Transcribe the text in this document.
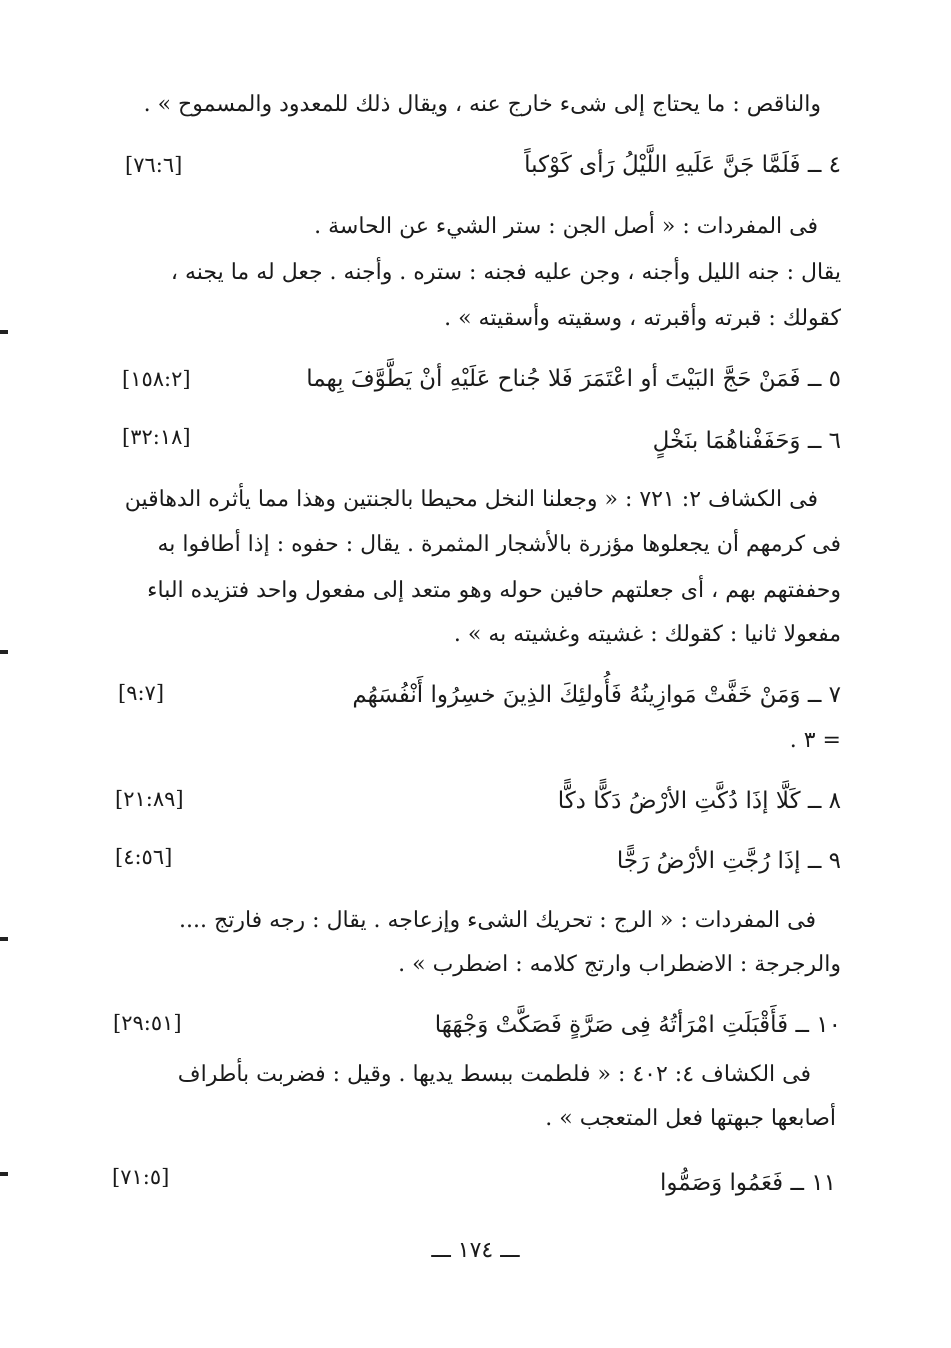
والناقص : ما يحتاج إلى شىء خارج عنه ، ويقال ذلك للمعدود والمسموح » .
٤ ــ فَلَمَّا جَنَّ عَلَيهِ اللَّيْلُ رَأى كَوْكباً
[٧٦:٦]
فى المفردات : « أصل الجن : ستر الشيء عن الحاسة .
يقال : جنه الليل وأجنه ، وجن عليه فجنه : ستره . وأجنه . جعل له ما يجنه ،
كقولك : قبرته وأقبرته ، وسقيته وأسقيته » .
٥ ــ فَمَنْ حَجَّ البَيْتَ أو اعْتَمَرَ فَلا جُناح عَلَيْهِ أنْ يَطَّوَّفَ بِهما
[١٥٨:٢]
٦ ــ وَحَفَفْناهُمَا بنَخْلٍ
[٣٢:١٨]
فى الكشاف ٢: ٧٢١ : « وجعلنا النخل محيطا بالجنتين وهذا مما يأثره الدهاقين
فى كرمهم أن يجعلوها مؤزرة بالأشجار المثمرة . يقال : حفوه : إذا أطافوا به
وحففتهم بهم ، أى جعلتهم حافين حوله وهو متعد إلى مفعول واحد فتزيده الباء
مفعولا ثانيا : كقولك : غشيته وغشيته به » .
٧ ــ وَمَنْ خَفَّتْ مَوازِينُهُ فَأُولئِكَ الذِينَ خسِرُوا أَنْفُسَهُم
[٩:٧]
= ٣ .
٨ ــ كَلَّا إذَا دُكَّتِ الأرْضُ دَكًّا دكًّا
[٢١:٨٩]
٩ ــ إذَا رُجَّتِ الأرْضُ رَجًّا
[٤:٥٦]
فى المفردات : « الرج : تحريك الشىء وإزعاجه . يقال : رجه فارتج ....
والرجرجة : الاضطراب وارتج كلامه : اضطرب » .
١٠ ــ فَأَقْبَلَتِ امْرَأتُهُ فِى صَرَّةٍ فَصَكَّتْ وَجْهَهَا
[٢٩:٥١]
فى الكشاف ٤: ٤٠٢ : « فلطمت ببسط يديها . وقيل : فضربت بأطراف
أصابعها جبهتها فعل المتعجب » .
١١ ــ فَعَمُوا وَصَمُّوا
[٧١:٥]
ـــ ١٧٤ ـــ
